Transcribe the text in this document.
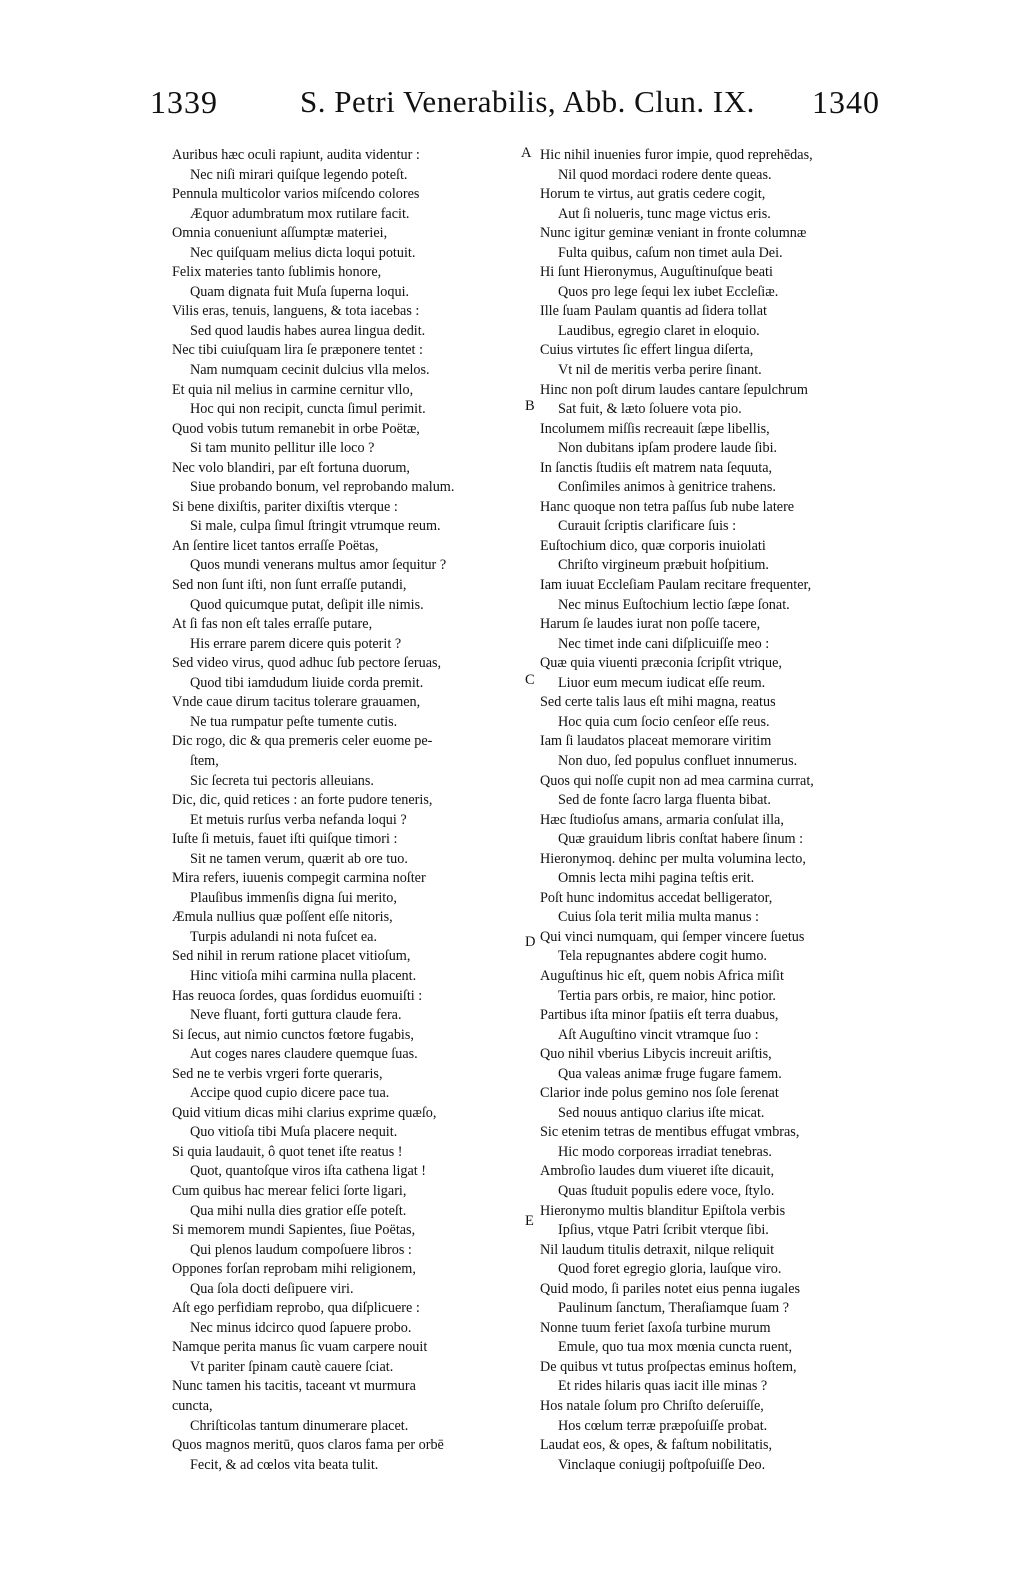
1339	S. Petri Venerabilis, Abb. Clun. IX. 1340
Auribus hæc oculi rapiunt, audita videntur :
Nec niſi mirari quiſque legendo poteſt.
Pennula multicolor varios miſcendo colores
Æquor adumbratum mox rutilare facit.
Omnia conueniunt aſſumptæ materiei,
Nec quiſquam melius dicta loqui potuit.
Felix materies tanto ſublimis honore,
Quam dignata fuit Muſa ſuperna loqui.
Vilis eras, tenuis, languens, & tota iacebas :
Sed quod laudis habes aurea lingua dedit.
Nec tibi cuiuſquam lira ſe præponere tentet :
Nam numquam cecinit dulcius vlla melos.
Et quia nil melius in carmine cernitur vllo,
Hoc qui non recipit, cuncta ſimul perimit.
Quod vobis tutum remanebit in orbe Poëtæ,
Si tam munito pellitur ille loco ?
Nec volo blandiri, par eſt fortuna duorum,
Siue probando bonum, vel reprobando malum.
Si bene dixiſtis, pariter dixiſtis vterque :
Si male, culpa ſimul ſtringit vtrumque reum.
An ſentire licet tantos erraſſe Poëtas,
Quos mundi venerans multus amor ſequitur ?
Sed non ſunt iſti, non ſunt erraſſe putandi,
Quod quicumque putat, deſipit ille nimis.
At ſi fas non eſt tales erraſſe putare,
His errare parem dicere quis poterit ?
Sed video virus, quod adhuc ſub pectore ſeruas,
Quod tibi iamdudum liuide corda premit.
Vnde caue dirum tacitus tolerare grauamen,
Ne tua rumpatur peſte tumente cutis.
Dic rogo, dic & qua premeris celer euome pe-
ſtem,
Sic ſecreta tui pectoris alleuians.
Dic, dic, quid retices : an forte pudore teneris,
Et metuis rurſus verba nefanda loqui ?
Iuſte ſi metuis, fauet iſti quiſque timori :
Sit ne tamen verum, quærit ab ore tuo.
Mira refers, iuuenis compegit carmina noſter
Plauſibus immenſis digna ſui merito,
Æmula nullius quæ poſſent eſſe nitoris,
Turpis adulandi ni nota fuſcet ea.
Sed nihil in rerum ratione placet vitioſum,
Hinc vitioſa mihi carmina nulla placent.
Has reuoca ſordes, quas ſordidus euomuiſti :
Neve fluant, forti guttura claude fera.
Si ſecus, aut nimio cunctos fœtore fugabis,
Aut coges nares claudere quemque ſuas.
Sed ne te verbis vrgeri forte queraris,
Accipe quod cupio dicere pace tua.
Quid vitium dicas mihi clarius exprime quæſo,
Quo vitioſa tibi Muſa placere nequit.
Si quia laudauit, ô quot tenet iſte reatus !
Quot, quantoſque viros iſta cathena ligat !
Cum quibus hac merear felici ſorte ligari,
Qua mihi nulla dies gratior eſſe poteſt.
Si memorem mundi Sapientes, ſiue Poëtas,
Qui plenos laudum compoſuere libros :
Oppones forſan reprobam mihi religionem,
Qua ſola docti deſipuere viri.
Aſt ego perfidiam reprobo, qua diſplicuere :
Nec minus idcirco quod ſapuere probo.
Namque perita manus ſic vuam carpere nouit
Vt pariter ſpinam cautè cauere ſciat.
Nunc tamen his tacitis, taceant vt murmura
cuncta,
Chriſticolas tantum dinumerare placet.
Quos magnos meritū, quos claros fama per orbē
Fecit, & ad cœlos vita beata tulit.
Hic nihil inuenies furor impie, quod reprehēdas,
Nil quod mordaci rodere dente queas.
Horum te virtus, aut gratis cedere cogit,
Aut ſi nolueris, tunc mage victus eris.
Nunc igitur geminæ veniant in fronte columnæ
Fulta quibus, caſum non timet aula Dei.
Hi ſunt Hieronymus, Auguſtinuſque beati
Quos pro lege ſequi lex iubet Eccleſiæ.
Ille ſuam Paulam quantis ad ſidera tollat
Laudibus, egregio claret in eloquio.
Cuius virtutes ſic effert lingua diſerta,
Vt nil de meritis verba perire ſinant.
Hinc non poſt dirum laudes cantare ſepulchrum
Sat fuit, & læto ſoluere vota pio.
Incolumem miſſis recreauit ſæpe libellis,
Non dubitans ipſam prodere laude ſibi.
In ſanctis ſtudiis eſt matrem nata ſequuta,
Conſimiles animos à genitrice trahens.
Hanc quoque non tetra paſſus ſub nube latere
Curauit ſcriptis clarificare ſuis :
Euſtochium dico, quæ corporis inuiolati
Chriſto virgineum præbuit hoſpitium.
Iam iuuat Eccleſiam Paulam recitare frequenter,
Nec minus Euſtochium lectio ſæpe ſonat.
Harum ſe laudes iurat non poſſe tacere,
Nec timet inde cani diſplicuiſſe meo :
Quæ quia viuenti præconia ſcripſit vtrique,
Liuor eum mecum iudicat eſſe reum.
Sed certe talis laus eſt mihi magna, reatus
Hoc quia cum ſocio cenſeor eſſe reus.
Iam ſi laudatos placeat memorare viritim
Non duo, ſed populus confluet innumerus.
Quos qui noſſe cupit non ad mea carmina currat,
Sed de fonte ſacro larga fluenta bibat.
Hæc ſtudioſus amans, armaria conſulat illa,
Quæ grauidum libris conſtat habere ſinum :
Hieronymoq. dehinc per multa volumina lecto,
Omnis lecta mihi pagina teſtis erit.
Poſt hunc indomitus accedat belligerator,
Cuius ſola terit milia multa manus :
Qui vinci numquam, qui ſemper vincere ſuetus
Tela repugnantes abdere cogit humo.
Auguſtinus hic eſt, quem nobis Africa miſit
Tertia pars orbis, re maior, hinc potior.
Partibus iſta minor ſpatiis eſt terra duabus,
Aſt Auguſtino vincit vtramque ſuo :
Quo nihil vberius Libycis increuit ariſtis,
Qua valeas animæ fruge fugare famem.
Clarior inde polus gemino nos ſole ſerenat
Sed nouus antiquo clarius iſte micat.
Sic etenim tetras de mentibus effugat vmbras,
Hic modo corporeas irradiat tenebras.
Ambroſio laudes dum viueret iſte dicauit,
Quas ſtuduit populis edere voce, ſtylo.
Hieronymo multis blanditur Epiſtola verbis
Ipſius, vtque Patri ſcribit vterque ſibi.
Nil laudum titulis detraxit, nilque reliquit
Quod foret egregio gloria, lauſque viro.
Quid modo, ſi pariles notet eius penna iugales
Paulinum ſanctum, Theraſiamque ſuam ?
Nonne tuum feriet ſaxoſa turbine murum
Emule, quo tua mox mœnia cuncta ruent,
De quibus vt tutus proſpectas eminus hoſtem,
Et rides hilaris quas iacit ille minas ?
Hos natale ſolum pro Chriſto deſeruiſſe,
Hos cœlum terræ præpoſuiſſe probat.
Laudat eos, & opes, & faſtum nobilitatis,
Vinclaque coniugij poſtpoſuiſſe Deo.
A
B
C
D
E
